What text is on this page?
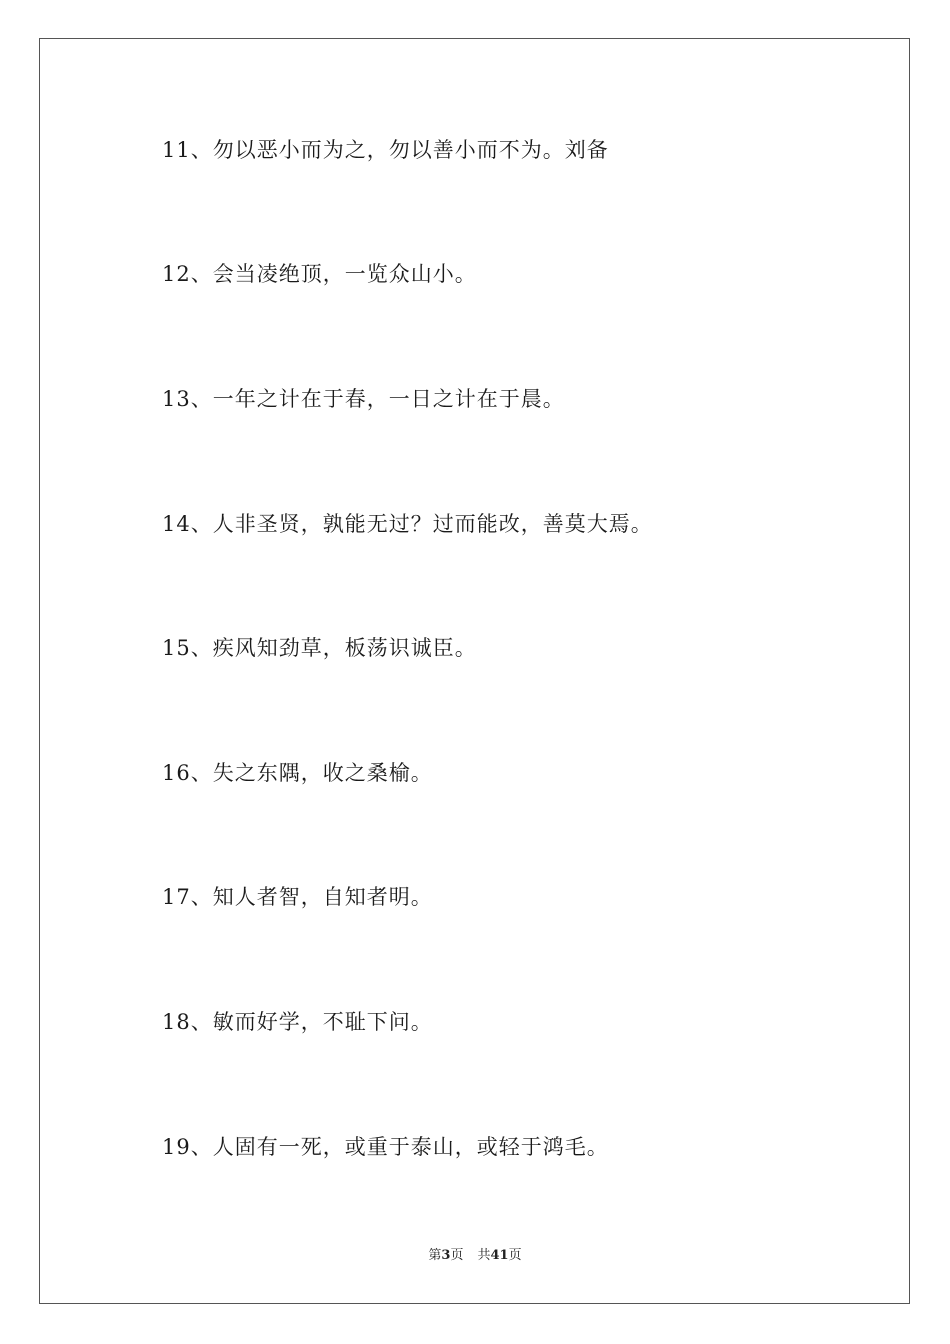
11、勿以恶小而为之，勿以善小而不为。刘备
12、会当凌绝顶，一览众山小。
13、一年之计在于春，一日之计在于晨。
14、人非圣贤，孰能无过？过而能改，善莫大焉。
15、疾风知劲草，板荡识诚臣。
16、失之东隅，收之桑榆。
17、知人者智，自知者明。
18、敏而好学，不耻下问。
19、人固有一死，或重于泰山，或轻于鸿毛。
第3页 共41页
